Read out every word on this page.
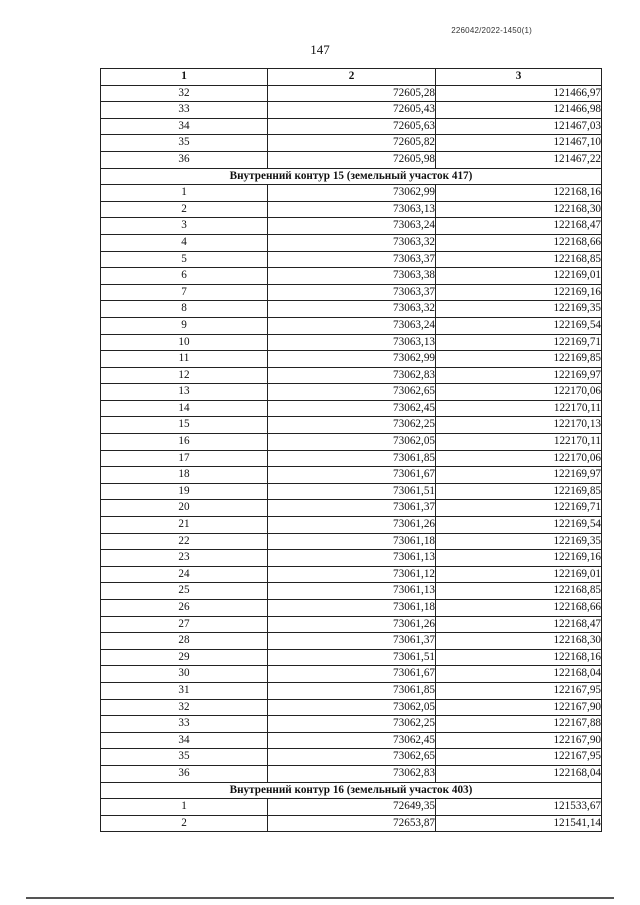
226042/2022-1450(1)
147
1	2	3
32	72605,28	121466,97
33	72605,43	121466,98
34	72605,63	121467,03
35	72605,82	121467,10
36	72605,98	121467,22
Внутренний контур 15 (земельный участок 417)		
1	73062,99	122168,16
2	73063,13	122168,30
3	73063,24	122168,47
4	73063,32	122168,66
5	73063,37	122168,85
6	73063,38	122169,01
7	73063,37	122169,16
8	73063,32	122169,35
9	73063,24	122169,54
10	73063,13	122169,71
11	73062,99	122169,85
12	73062,83	122169,97
13	73062,65	122170,06
14	73062,45	122170,11
15	73062,25	122170,13
16	73062,05	122170,11
17	73061,85	122170,06
18	73061,67	122169,97
19	73061,51	122169,85
20	73061,37	122169,71
21	73061,26	122169,54
22	73061,18	122169,35
23	73061,13	122169,16
24	73061,12	122169,01
25	73061,13	122168,85
26	73061,18	122168,66
27	73061,26	122168,47
28	73061,37	122168,30
29	73061,51	122168,16
30	73061,67	122168,04
31	73061,85	122167,95
32	73062,05	122167,90
33	73062,25	122167,88
34	73062,45	122167,90
35	73062,65	122167,95
36	73062,83	122168,04
Внутренний контур 16 (земельный участок 403)		
1	72649,35	121533,67
2	72653,87	121541,14
